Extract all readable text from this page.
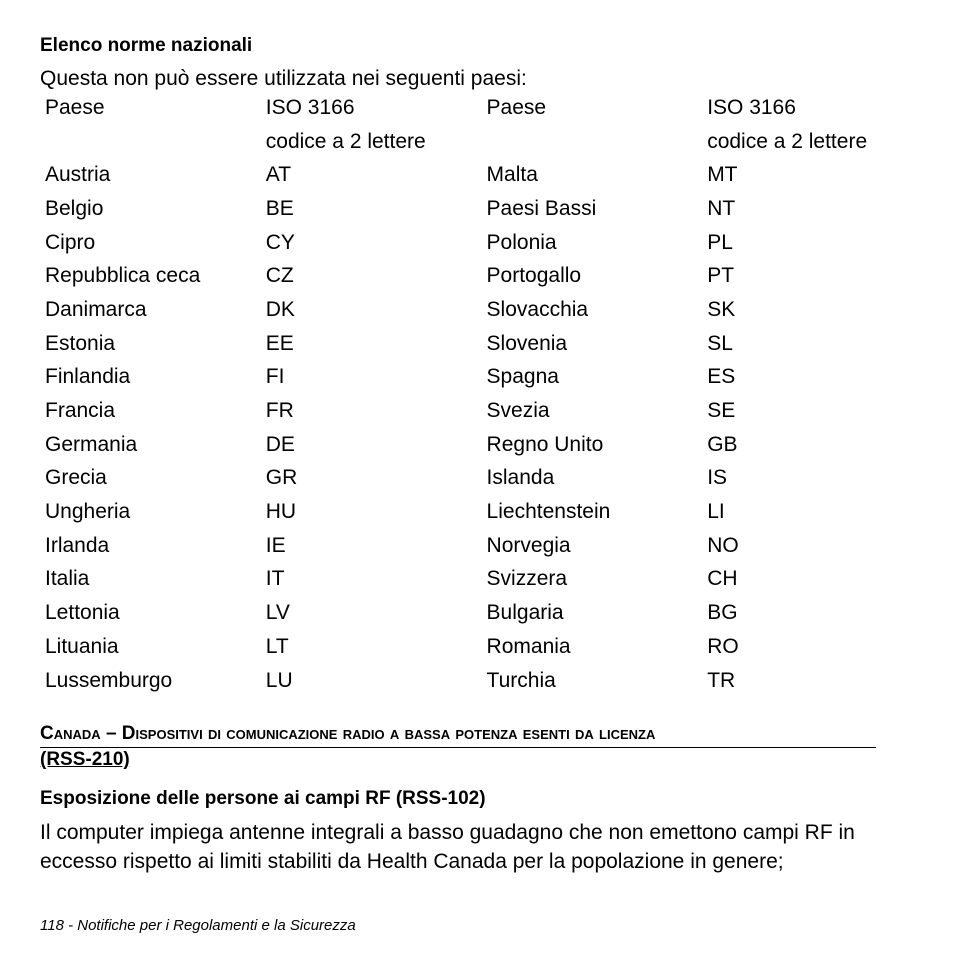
Elenco norme nazionali
Questa non può essere utilizzata nei seguenti paesi:
Paese	ISO 3166	Paese	ISO 3166
	codice a 2 lettere		codice a 2 lettere
Austria	AT	Malta	MT
Belgio	BE	Paesi Bassi	NT
Cipro	CY	Polonia	PL
Repubblica ceca	CZ	Portogallo	PT
Danimarca	DK	Slovacchia	SK
Estonia	EE	Slovenia	SL
Finlandia	FI	Spagna	ES
Francia	FR	Svezia	SE
Germania	DE	Regno Unito	GB
Grecia	GR	Islanda	IS
Ungheria	HU	Liechtenstein	LI
Irlanda	IE	Norvegia	NO
Italia	IT	Svizzera	CH
Lettonia	LV	Bulgaria	BG
Lituania	LT	Romania	RO
Lussemburgo	LU	Turchia	TR
Canada – Dispositivi di comunicazione radio a bassa potenza esenti da licenza
(RSS-210)
Esposizione delle persone ai campi RF (RSS-102)
Il computer impiega antenne integrali a basso guadagno che non emettono campi RF in eccesso rispetto ai limiti stabiliti da Health Canada per la popolazione in genere;
118 - Notifiche per i Regolamenti e la Sicurezza
